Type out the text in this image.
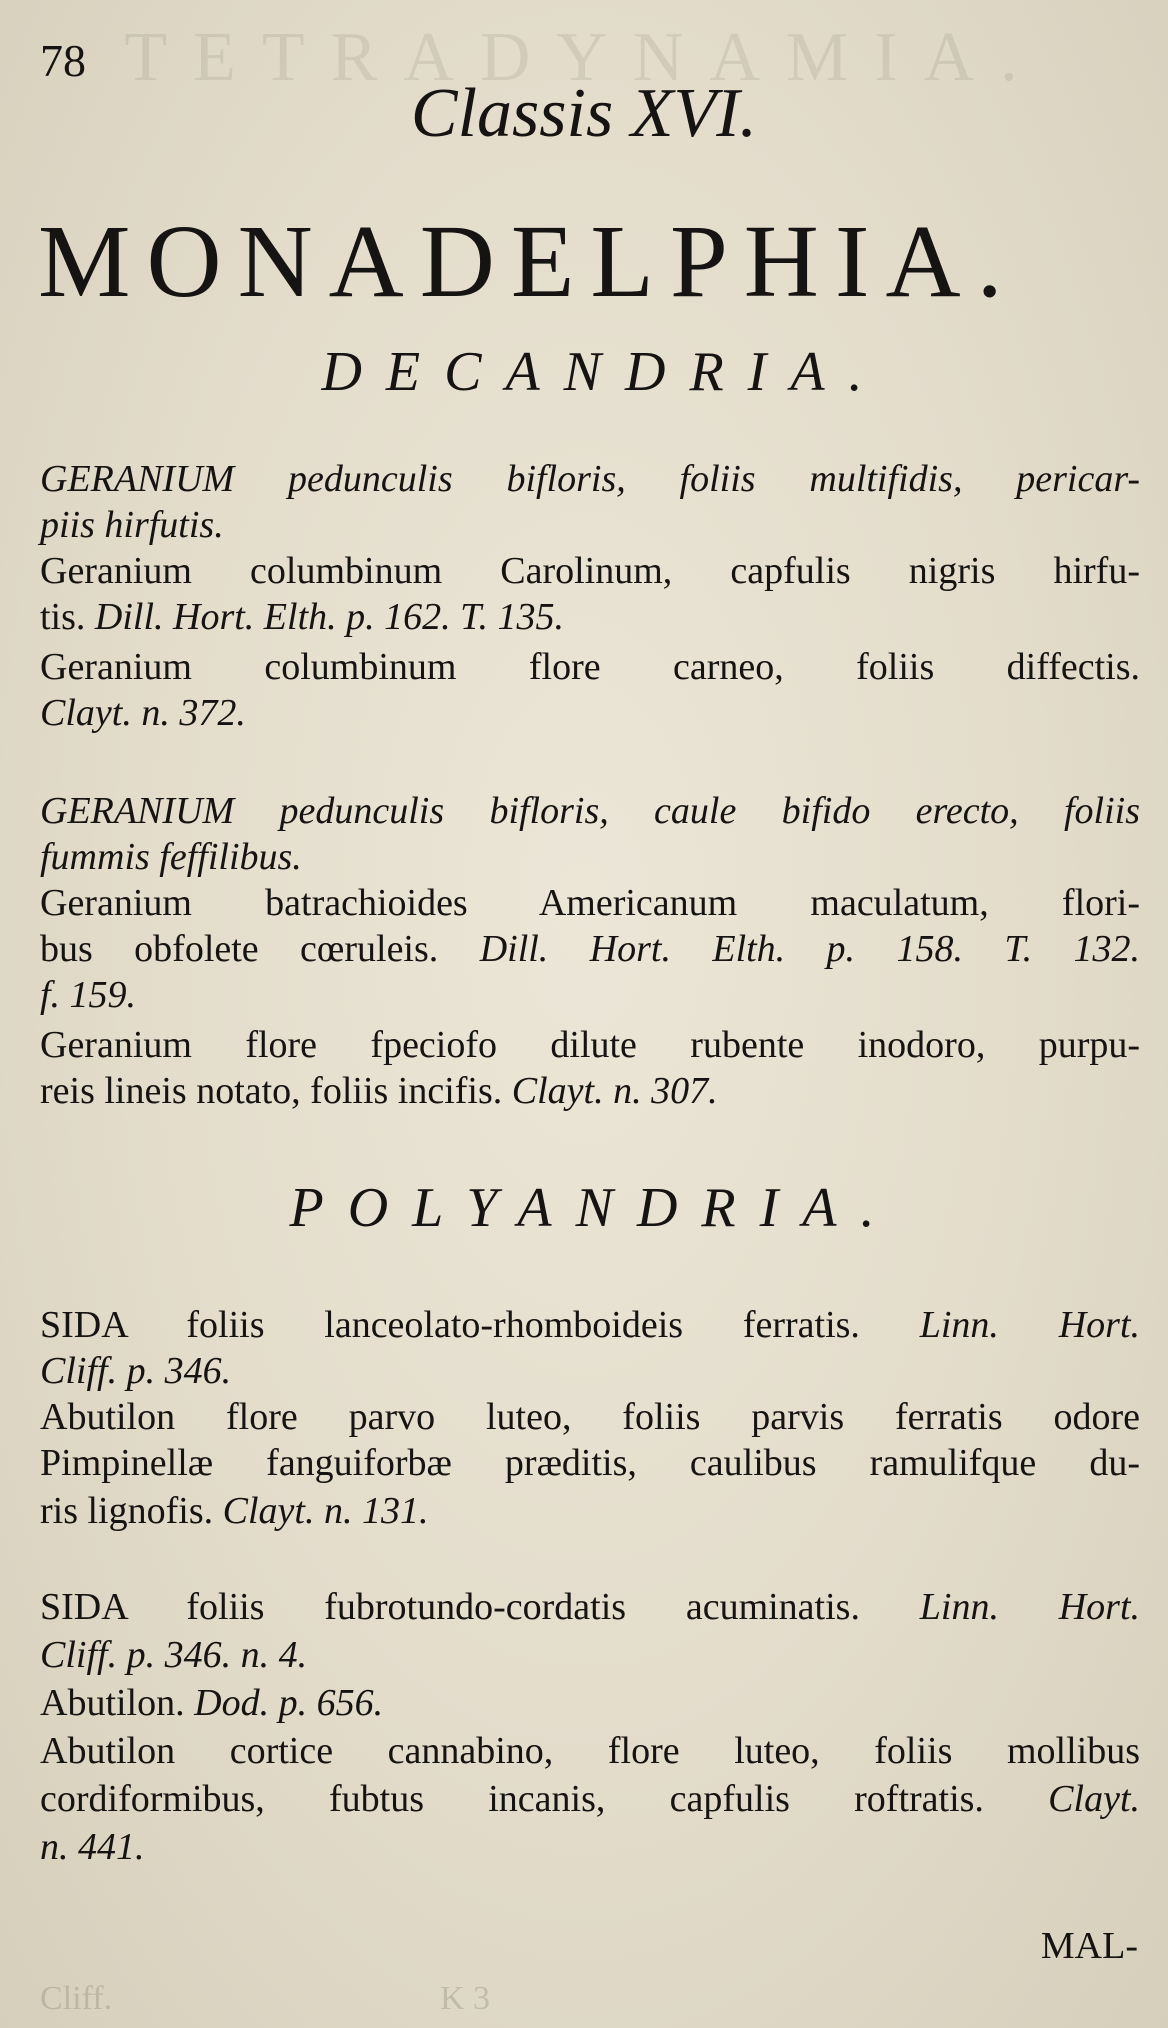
TETRADYNAMIA.
78
Classis XVI.
MONADELPHIA.
DECANDRIA.
GERANIUM pedunculis bifloris, foliis multifidis, pericar-
piis hirfutis.
Geranium columbinum Carolinum, capfulis nigris hirfu-
tis. Dill. Hort. Elth. p. 162. T. 135.
Geranium columbinum flore carneo, foliis diffectis.
Clayt. n. 372.
GERANIUM pedunculis bifloris, caule bifido erecto, foliis
fummis feffilibus.
Geranium batrachioides Americanum maculatum, flori-
bus obfolete cœruleis. Dill. Hort. Elth. p. 158. T. 132.
f. 159.
Geranium flore fpeciofo dilute rubente inodoro, purpu-
reis lineis notato, foliis incifis. Clayt. n. 307.
POLYANDRIA.
SIDA foliis lanceolato-rhomboideis ferratis. Linn. Hort.
Cliff. p. 346.
Abutilon flore parvo luteo, foliis parvis ferratis odore
Pimpinellæ fanguiforbæ præditis, caulibus ramulifque du-
ris lignofis. Clayt. n. 131.
SIDA foliis fubrotundo-cordatis acuminatis. Linn. Hort.
Cliff. p. 346. n. 4.
Abutilon. Dod. p. 656.
Abutilon cortice cannabino, flore luteo, foliis mollibus
cordiformibus, fubtus incanis, capfulis roftratis. Clayt.
n. 441.
MAL-
Cliff.	K 3
